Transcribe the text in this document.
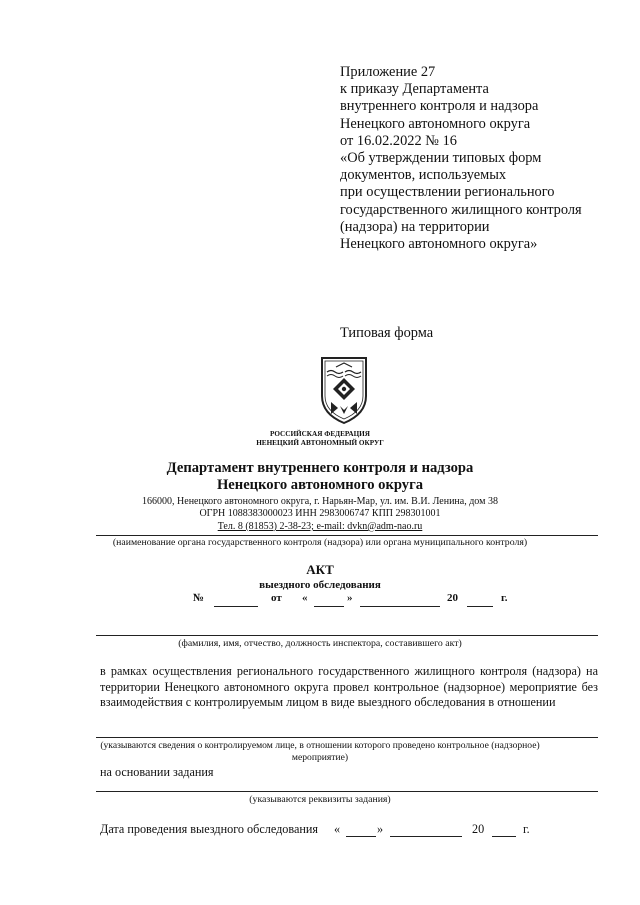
Приложение 27
к приказу Департамента
внутреннего контроля и надзора
Ненецкого автономного округа
от 16.02.2022 № 16
«Об утверждении типовых форм
документов, используемых
при осуществлении регионального
государственного жилищного контроля
(надзора) на территории
Ненецкого автономного округа»
Типовая форма
РОССИЙСКАЯ ФЕДЕРАЦИЯ
НЕНЕЦКИЙ АВТОНОМНЫЙ ОКРУГ
Департамент внутреннего контроля и надзора
Ненецкого автономного округа
166000, Ненецкого автономного округа, г. Нарьян-Мар, ул. им. В.И. Ленина, дом 38
ОГРН 1088383000023 ИНН 2983006747 КПП 298301001
Тел. 8 (81853) 2-38-23; e-mail: dvkn@adm-nao.ru
(наименование органа государственного контроля (надзора) или органа муниципального контроля)
АКТ
выездного обследования
№	от «	»	20	г.
(фамилия, имя, отчество, должность инспектора, составившего акт)
в рамках осуществления регионального государственного жилищного контроля (надзора) на территории Ненецкого автономного округа провел контрольное (надзорное) мероприятие без взаимодействия с контролируемым лицом в виде выездного обследования в отношении
(указываются сведения о контролируемом лице, в отношении которого проведено контрольное (надзорное)
мероприятие)
на основании задания
(указываются реквизиты задания)
Дата проведения выездного обследования «	»	20	г.
